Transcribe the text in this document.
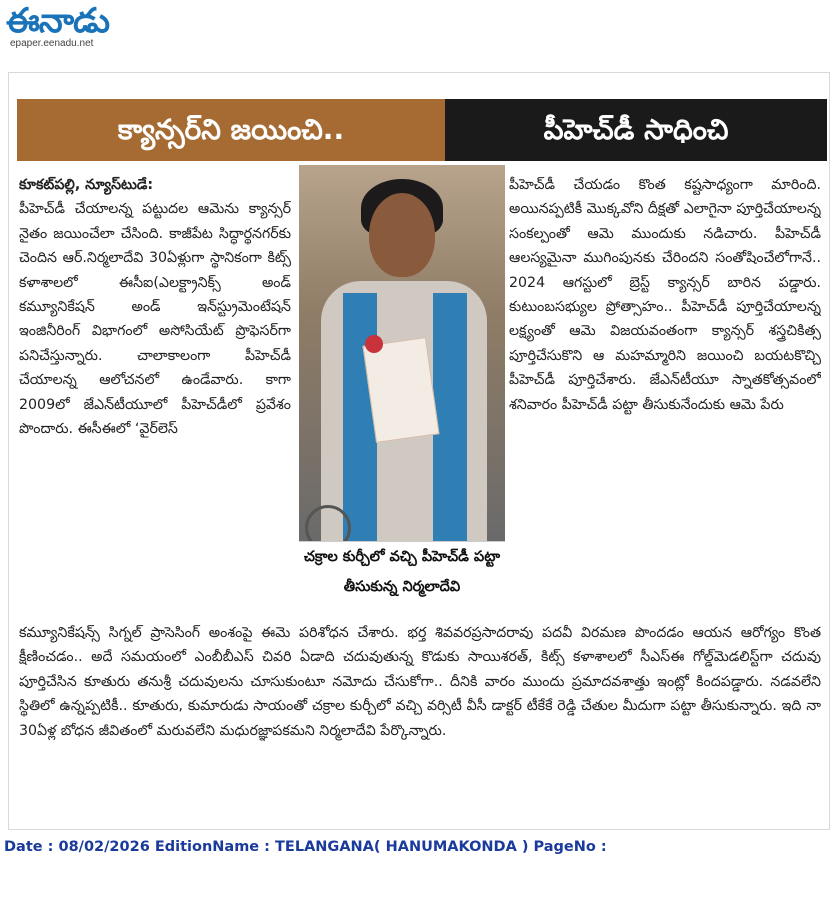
ఈనాడు
epaper.eenadu.net
క్యాన్సర్‌ని జయించి..	పీహెచ్‌డీ సాధించి

కూకట్‌పల్లి, న్యూస్‌టుడే:

పీహెచ్‌డీ చేయాలన్న పట్టుదల ఆమెను క్యాన్సర్‌ నైతం జయించేలా చేసింది. కాజీపేట సిద్ధార్థనగర్‌కు చెందిన ఆర్‌.నిర్మలాదేవి 30ఏళ్లుగా స్థానికంగా కిట్స్‌ కళాశాలలో ఈసీఐ(ఎలక్ట్రానిక్స్‌ అండ్‌ కమ్యూనికేషన్‌ అండ్‌ ఇన్‌స్ట్రుమెంటేషన్‌ ఇంజినీరింగ్‌ విభాగంలో అసోసియేట్‌ ప్రొఫెసర్‌గా పనిచేస్తున్నారు. చాలాకాలంగా పీహెచ్‌డీ చేయాలన్న ఆలోచనలో ఉండేవారు. కాగా 2009లో జేఎన్‌టీయూలో పీహెచ్‌డీలో ప్రవేశం పొందారు. ఈసీఈలో ‘వైర్‌లెస్‌

చక్రాల కుర్చీలో వచ్చి పీహెచ్‌డీ పట్టా తీసుకున్న నిర్మలాదేవి

పీహెచ్‌డీ చేయడం కొంత కష్టసాధ్యంగా మారింది. అయినప్పటికీ మొక్కవోని దీక్షతో ఎలాగైనా పూర్తిచేయాలన్న సంకల్పంతో ఆమె ముందుకు నడిచారు. పీహెచ్‌డీ ఆలస్యమైనా ముగింపునకు చేరిందని సంతోషించేలోగానే.. 2024 ఆగస్టులో బ్రెస్ట్‌ క్యాన్సర్‌ బారిన పడ్డారు. కుటుంబసభ్యుల ప్రోత్సాహం.. పీహెచ్‌డీ పూర్తిచేయాలన్న లక్ష్యంతో ఆమె విజయవంతంగా క్యాన్సర్‌ శస్త్రచికిత్స పూర్తిచేసుకొని ఆ మహమ్మారిని జయించి బయటకొచ్చి పీహెచ్‌డీ పూర్తిచేశారు. జేఎన్‌టీయూ స్నాతకోత్సవంలో శనివారం పీహెచ్‌డీ పట్టా తీసుకునేందుకు ఆమె పేరు

కమ్యూనికేషన్స్‌ సిగ్నల్‌ ప్రాసెసింగ్‌ అంశంపై ఈమె పరిశోధన చేశారు. భర్త శివవరప్రసాదరావు పదవీ విరమణ పొందడం ఆయన ఆరోగ్యం కొంత క్షీణించడం.. అదే సమయంలో ఎంబీబీఎస్‌ చివరి ఏడాది చదువుతున్న కొడుకు సాయిశరత్‌, కిట్స్‌ కళాశాలలో సీఎస్‌ఈ గోల్డ్‌మెడలిస్ట్‌గా చదువు పూర్తిచేసిన కూతురు తనుశ్రీ చదువులను చూసుకుంటూ నమోదు చేసుకోగా.. దీనికి వారం ముందు ప్రమాదవశాత్తు ఇంట్లో కిందపడ్డారు. నడవలేని స్థితిలో ఉన్నప్పటికీ.. కూతురు, కుమారుడు సాయంతో చక్రాల కుర్చీలో వచ్చి వర్సిటీ వీసీ డాక్టర్‌ టీకేకే రెడ్డి చేతుల మీదుగా పట్టా తీసుకున్నారు. ఇది నా 30ఏళ్ల బోధన జీవితంలో మరువలేని మధురజ్ఞాపకమని నిర్మలాదేవి పేర్కొన్నారు.

Date : 08/02/2026 EditionName : TELANGANA( HANUMAKONDA ) PageNo :
